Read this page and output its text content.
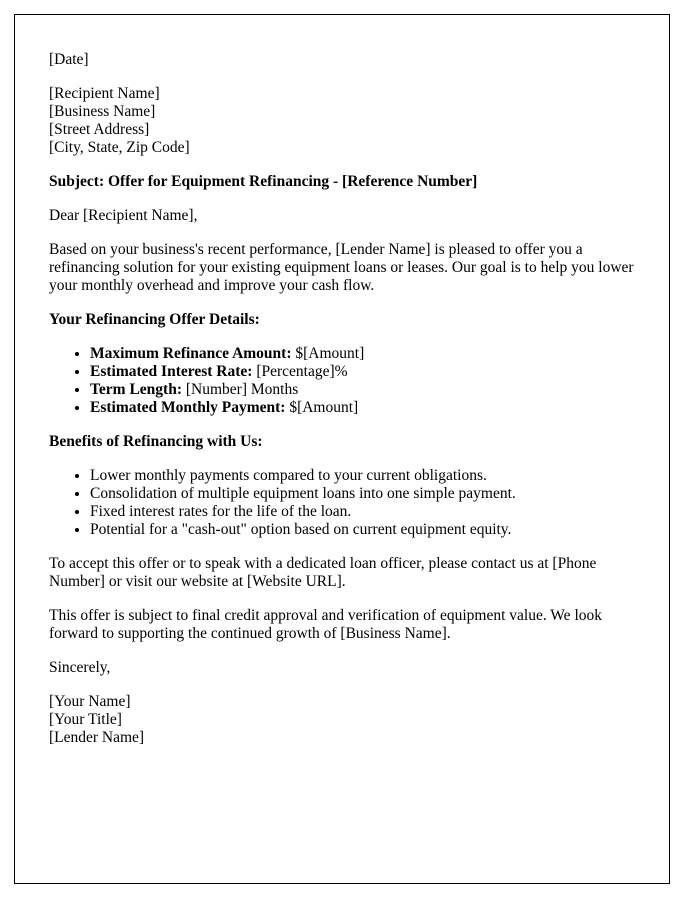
[Date]

[Recipient Name]
[Business Name]
[Street Address]
[City, State, Zip Code]

Subject: Offer for Equipment Refinancing - [Reference Number]

Dear [Recipient Name],

Based on your business's recent performance, [Lender Name] is pleased to offer you a refinancing solution for your existing equipment loans or leases. Our goal is to help you lower your monthly overhead and improve your cash flow.

Your Refinancing Offer Details:

• Maximum Refinance Amount: $[Amount]
• Estimated Interest Rate: [Percentage]%
• Term Length: [Number] Months
• Estimated Monthly Payment: $[Amount]

Benefits of Refinancing with Us:

• Lower monthly payments compared to your current obligations.
• Consolidation of multiple equipment loans into one simple payment.
• Fixed interest rates for the life of the loan.
• Potential for a "cash-out" option based on current equipment equity.

To accept this offer or to speak with a dedicated loan officer, please contact us at [Phone Number] or visit our website at [Website URL].

This offer is subject to final credit approval and verification of equipment value. We look forward to supporting the continued growth of [Business Name].

Sincerely,

[Your Name]
[Your Title]
[Lender Name]
